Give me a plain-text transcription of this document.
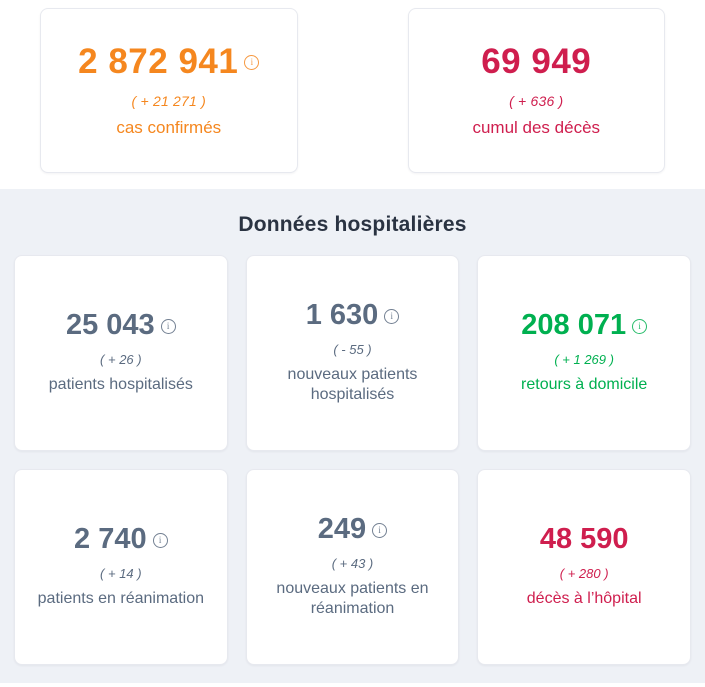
2 872 941	i
( + 21 271 )
cas confirmés
69 949
( + 636 )
cumul des décès
Données hospitalières
25 043	i
( + 26 )
patients hospitalisés
1 630	i
( - 55 )
nouveaux patients hospitalisés
208 071	i
( + 1 269 )
retours à domicile
2 740	i
( + 14 )
patients en réanimation
249	i
( + 43 )
nouveaux patients en réanimation
48 590
( + 280 )
décès à l’hôpital
